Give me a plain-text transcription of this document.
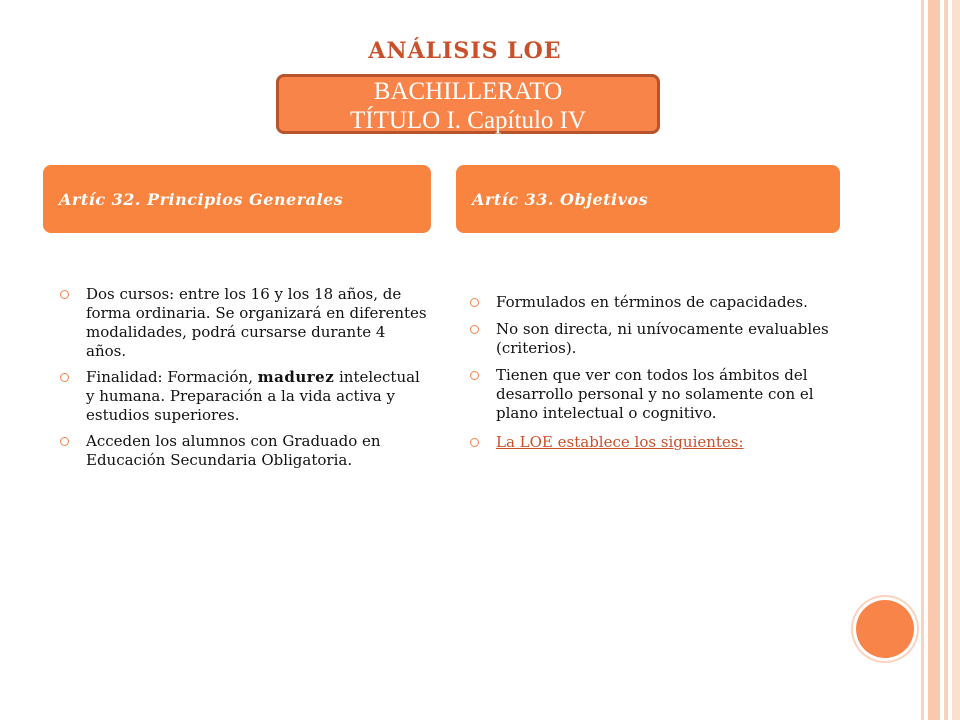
ANÁLISIS LOE
BACHILLERATO
TÍTULO I. Capítulo IV
Artíc 32. Principios Generales	Artíc 33. Objetivos
Dos cursos: entre los 16 y los 18 años, de forma ordinaria. Se organizará en diferentes modalidades, podrá cursarse durante 4 años.
Finalidad: Formación, madurez intelectual y humana. Preparación a la vida activa y estudios superiores.
Acceden los alumnos con Graduado en Educación Secundaria Obligatoria.
Formulados en términos de capacidades.
No son directa, ni unívocamente evaluables (criterios).
Tienen que ver con todos los ámbitos del desarrollo personal y no solamente con el plano intelectual o cognitivo.
La LOE establece los siguientes:
